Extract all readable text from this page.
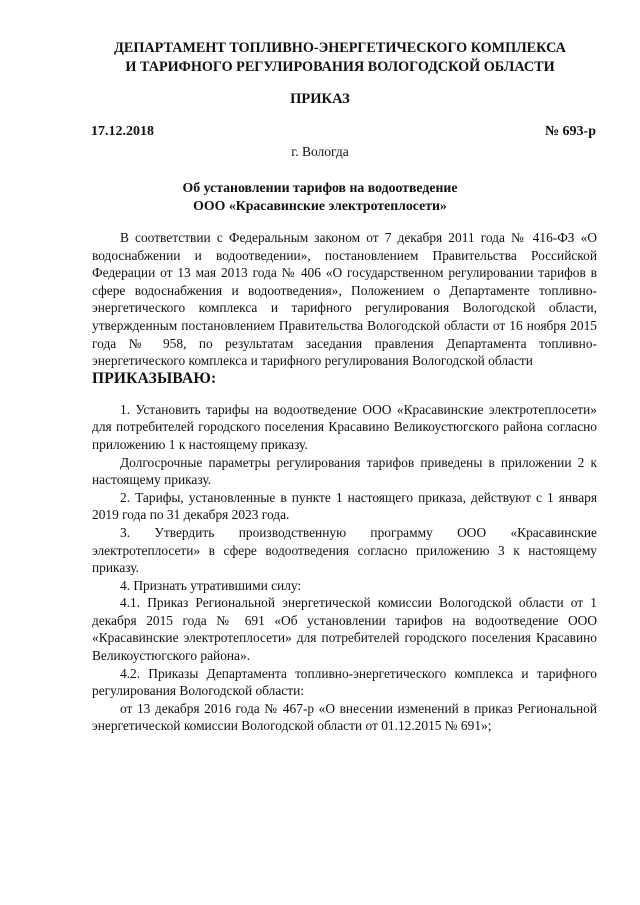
ДЕПАРТАМЕНТ ТОПЛИВНО-ЭНЕРГЕТИЧЕСКОГО КОМПЛЕКСА
И ТАРИФНОГО РЕГУЛИРОВАНИЯ ВОЛОГОДСКОЙ ОБЛАСТИ
ПРИКАЗ
17.12.2018	№ 693-р
г. Вологда
Об установлении тарифов на водоотведение
ООО «Красавинские электротеплосети»

В соответствии с Федеральным законом от 7 декабря 2011 года № 416-ФЗ «О водоснабжении и водоотведении», постановлением Правительства Российской Федерации от 13 мая 2013 года № 406 «О государственном регулировании тарифов в сфере водоснабжения и водоотведения», Положением о Департаменте топливно-энергетического комплекса и тарифного регулирования Вологодской области, утвержденным постановлением Правительства Вологодской области от 16 ноября 2015 года № 958, по результатам заседания правления Департамента топливно-энергетического комплекса и тарифного регулирования Вологодской области

ПРИКАЗЫВАЮ:

1. Установить тарифы на водоотведение ООО «Красавинские электротеплосети» для потребителей городского поселения Красавино Великоустюгского района согласно приложению 1 к настоящему приказу.

Долгосрочные параметры регулирования тарифов приведены в приложении 2 к настоящему приказу.

2. Тарифы, установленные в пункте 1 настоящего приказа, действуют с 1 января 2019 года по 31 декабря 2023 года.

3. Утвердить производственную программу ООО «Красавинские электротеплосети» в сфере водоотведения согласно приложению 3 к настоящему приказу.

4. Признать утратившими силу:

4.1. Приказ Региональной энергетической комиссии Вологодской области от 1 декабря 2015 года № 691 «Об установлении тарифов на водоотведение ООО «Красавинские электротеплосети» для потребителей городского поселения Красавино Великоустюгского района».

4.2. Приказы Департамента топливно-энергетического комплекса и тарифного регулирования Вологодской области:

от 13 декабря 2016 года № 467-р «О внесении изменений в приказ Региональной энергетической комиссии Вологодской области от 01.12.2015 № 691»;
